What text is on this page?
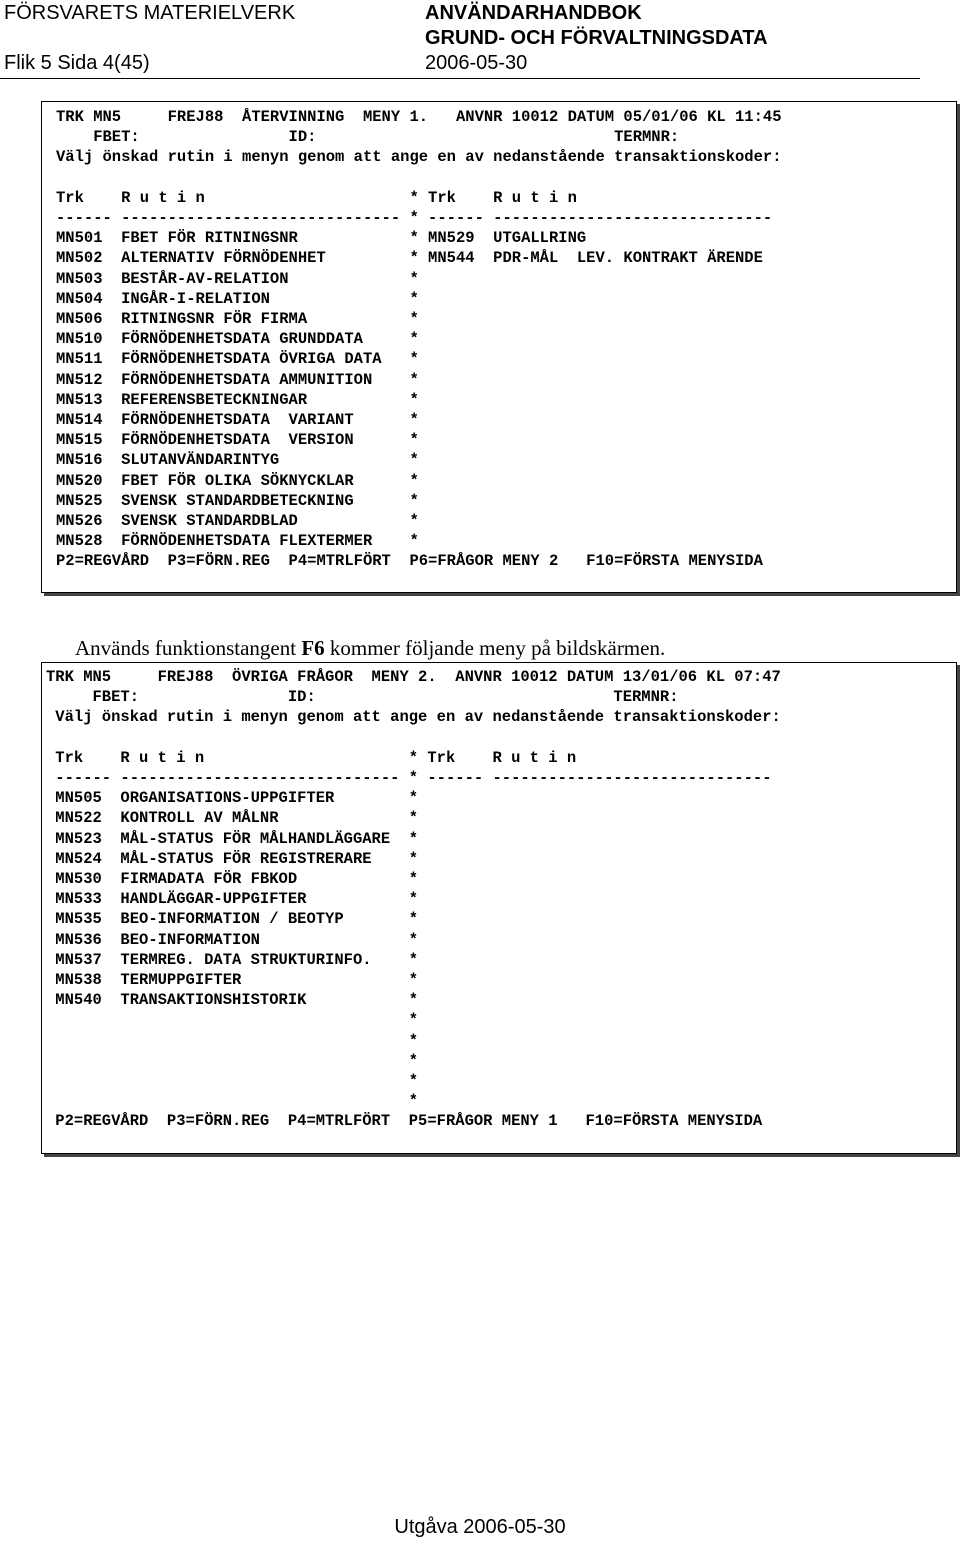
FÖRSVARETS MATERIELVERK
Flik 5 Sida 4(45)
ANVÄNDARHANDBOK
GRUND- OCH FÖRVALTNINGSDATA
2006-05-30
TRK MN5     FREJ88  ÅTERVINNING  MENY 1.   ANVNR 10012 DATUM 05/01/06 KL 11:45
FBET:                ID:                                TERMNR:
Välj önskad rutin i menyn genom att ange en av nedanstående transaktionskoder:

Trk    R u t i n                      * Trk    R u t i n
------ ------------------------------ * ------ ------------------------------
MN501  FBET FÖR RITNINGSNR            * MN529  UTGALLRING
MN502  ALTERNATIV FÖRNÖDENHET         * MN544  PDR-MÅL  LEV. KONTRAKT ÄRENDE
MN503  BESTÅR-AV-RELATION             *
MN504  INGÅR-I-RELATION               *
MN506  RITNINGSNR FÖR FIRMA           *
MN510  FÖRNÖDENHETSDATA GRUNDDATA     *
MN511  FÖRNÖDENHETSDATA ÖVRIGA DATA   *
MN512  FÖRNÖDENHETSDATA AMMUNITION    *
MN513  REFERENSBETECKNINGAR           *
MN514  FÖRNÖDENHETSDATA  VARIANT      *
MN515  FÖRNÖDENHETSDATA  VERSION      *
MN516  SLUTANVÄNDARINTYG              *
MN520  FBET FÖR OLIKA SÖKNYCKLAR      *
MN525  SVENSK STANDARDBETECKNING      *
MN526  SVENSK STANDARDBLAD            *
MN528  FÖRNÖDENHETSDATA FLEXTERMER    *
P2=REGVÅRD  P3=FÖRN.REG  P4=MTRLFÖRT  P6=FRÅGOR MENY 2   F10=FÖRSTA MENYSIDA

Används funktionstangent F6 kommer följande meny på bildskärmen.
TRK MN5     FREJ88  ÖVRIGA FRÅGOR  MENY 2.  ANVNR 10012 DATUM 13/01/06 KL 07:47
FBET:                ID:                                TERMNR:
Välj önskad rutin i menyn genom att ange en av nedanstående transaktionskoder:

Trk    R u t i n                      * Trk    R u t i n
------ ------------------------------ * ------ ------------------------------
MN505  ORGANISATIONS-UPPGIFTER        *
MN522  KONTROLL AV MÅLNR              *
MN523  MÅL-STATUS FÖR MÅLHANDLÄGGARE  *
MN524  MÅL-STATUS FÖR REGISTRERARE    *
MN530  FIRMADATA FÖR FBKOD            *
MN533  HANDLÄGGAR-UPPGIFTER           *
MN535  BEO-INFORMATION / BEOTYP       *
MN536  BEO-INFORMATION                *
MN537  TERMREG. DATA STRUKTURINFO.    *
MN538  TERMUPPGIFTER                  *
MN540  TRANSAKTIONSHISTORIK           *
*
*
*
*
*
P2=REGVÅRD  P3=FÖRN.REG  P4=MTRLFÖRT  P5=FRÅGOR MENY 1   F10=FÖRSTA MENYSIDA

Utgåva 2006-05-30
